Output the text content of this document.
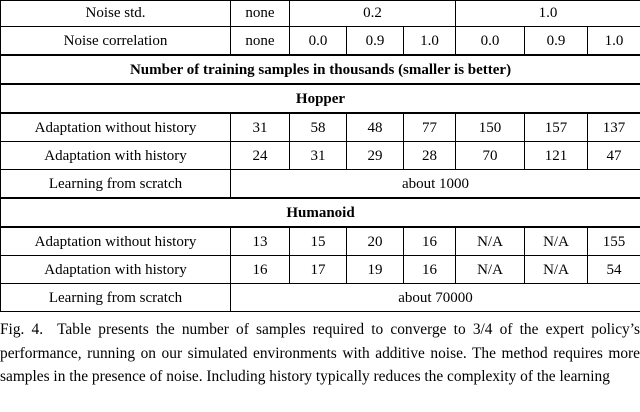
Noise std.	none	0.2			1.0		
Noise correlation	none	0.0	0.9	1.0	0.0	0.9	1.0
Number of training samples in thousands (smaller is better)							
Hopper							
Adaptation without history	31	58	48	77	150	157	137
Adaptation with history	24	31	29	28	70	121	47
Learning from scratch	about 1000						
Humanoid							
Adaptation without history	13	15	20	16	N/A	N/A	155
Adaptation with history	16	17	19	16	N/A	N/A	54
Learning from scratch	about 70000						
Fig. 4. Table presents the number of samples required to converge to 3/4 of the expert policy’s performance, running on our simulated environments with additive noise. The method requires more samples in the presence of noise. Including history typically reduces the complexity of the learning
